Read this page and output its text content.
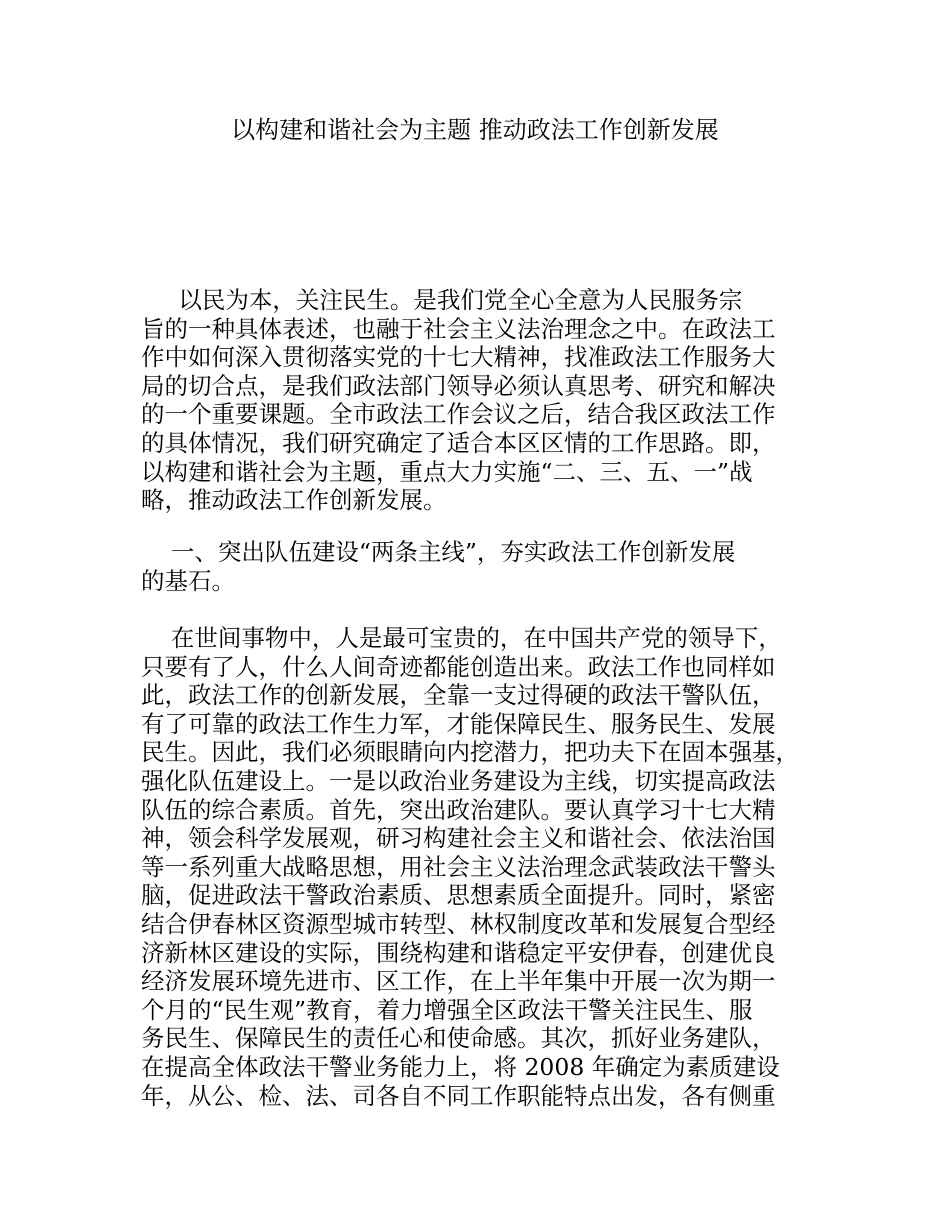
以构建和谐社会为主题 推动政法工作创新发展
以民为本，关注民生。是我们党全心全意为人民服务宗
旨的一种具体表述，也融于社会主义法治理念之中。在政法工
作中如何深入贯彻落实党的十七大精神，找准政法工作服务大
局的切合点，是我们政法部门领导必须认真思考、研究和解决
的一个重要课题。全市政法工作会议之后，结合我区政法工作
的具体情况，我们研究确定了适合本区区情的工作思路。即，
以构建和谐社会为主题，重点大力实施“二、三、五、一”战
略，推动政法工作创新发展。
一、突出队伍建设“两条主线”，夯实政法工作创新发展
的基石。
在世间事物中，人是最可宝贵的，在中国共产党的领导下，
只要有了人，什么人间奇迹都能创造出来。政法工作也同样如
此，政法工作的创新发展，全靠一支过得硬的政法干警队伍，
有了可靠的政法工作生力军，才能保障民生、服务民生、发展
民生。因此，我们必须眼睛向内挖潜力，把功夫下在固本强基，
强化队伍建设上。一是以政治业务建设为主线，切实提高政法
队伍的综合素质。首先，突出政治建队。要认真学习十七大精
神，领会科学发展观，研习构建社会主义和谐社会、依法治国
等一系列重大战略思想，用社会主义法治理念武装政法干警头
脑，促进政法干警政治素质、思想素质全面提升。同时，紧密
结合伊春林区资源型城市转型、林权制度改革和发展复合型经
济新林区建设的实际，围绕构建和谐稳定平安伊春，创建优良
经济发展环境先进市、区工作，在上半年集中开展一次为期一
个月的“民生观”教育，着力增强全区政法干警关注民生、服
务民生、保障民生的责任心和使命感。其次，抓好业务建队，
在提高全体政法干警业务能力上，将 2008 年确定为素质建设
年，从公、检、法、司各自不同工作职能特点出发，各有侧重
